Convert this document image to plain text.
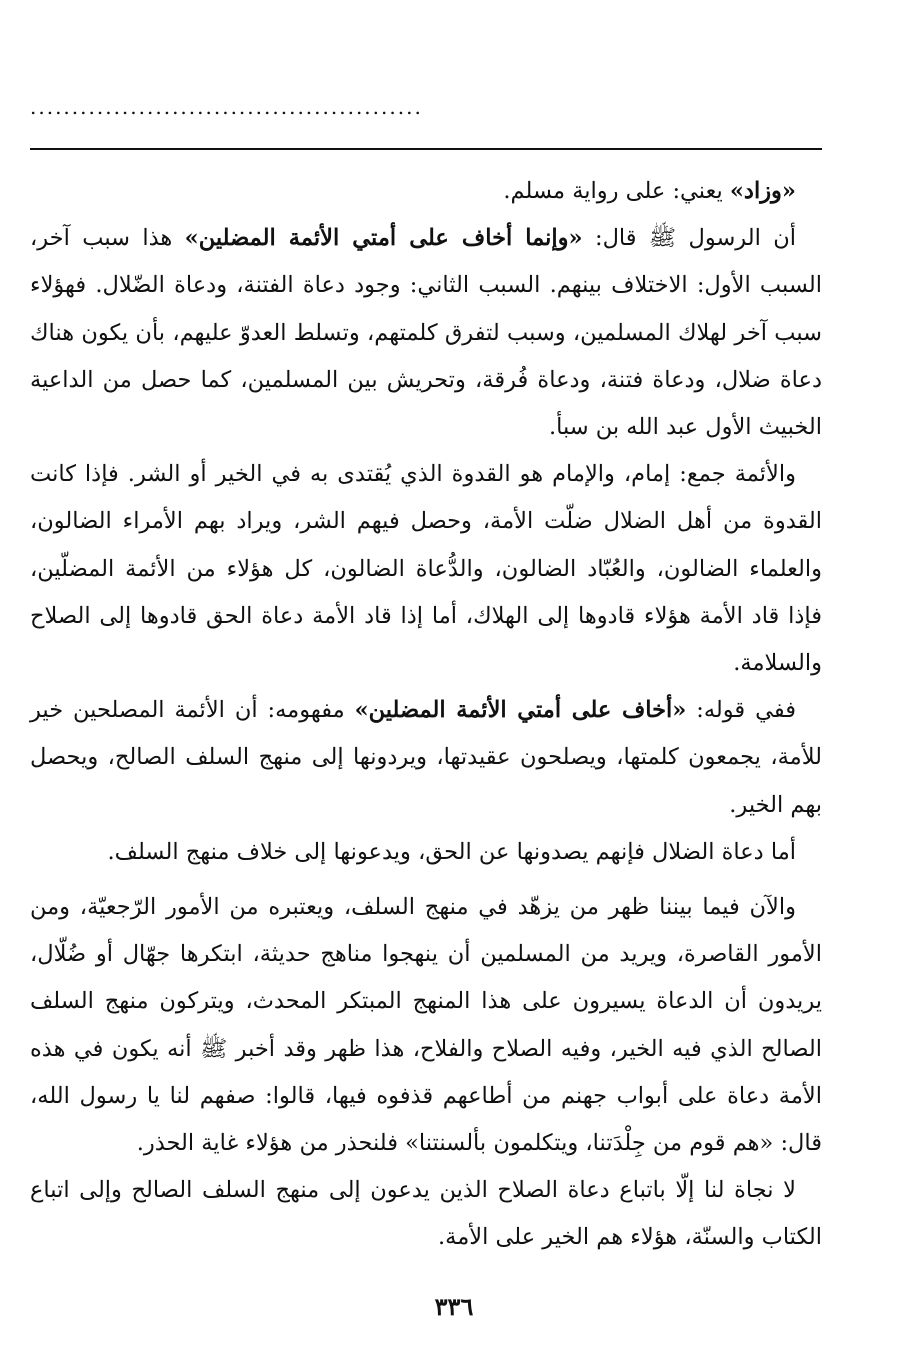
...............................................

«وزاد» يعني: على رواية مسلم.

أن الرسول ﷺ قال: «وإنما أخاف على أمتي الأئمة المضلين» هذا سبب آخر، السبب الأول: الاختلاف بينهم. السبب الثاني: وجود دعاة الفتنة، ودعاة الضّلال. فهؤلاء سبب آخر لهلاك المسلمين، وسبب لتفرق كلمتهم، وتسلط العدوّ عليهم، بأن يكون هناك دعاة ضلال، ودعاة فتنة، ودعاة فُرقة، وتحريش بين المسلمين، كما حصل من الداعية الخبيث الأول عبد الله بن سبأ.

والأئمة جمع: إمام، والإمام هو القدوة الذي يُقتدى به في الخير أو الشر. فإذا كانت القدوة من أهل الضلال ضلّت الأمة، وحصل فيهم الشر، ويراد بهم الأمراء الضالون، والعلماء الضالون، والعُبّاد الضالون، والدُّعاة الضالون، كل هؤلاء من الأئمة المضلّين، فإذا قاد الأمة هؤلاء قادوها إلى الهلاك، أما إذا قاد الأمة دعاة الحق قادوها إلى الصلاح والسلامة.

ففي قوله: «أخاف على أمتي الأئمة المضلين» مفهومه: أن الأئمة المصلحين خير للأمة، يجمعون كلمتها، ويصلحون عقيدتها، ويردونها إلى منهج السلف الصالح، ويحصل بهم الخير.

أما دعاة الضلال فإنهم يصدونها عن الحق، ويدعونها إلى خلاف منهج السلف.

والآن فيما بيننا ظهر من يزهّد في منهج السلف، ويعتبره من الأمور الرّجعيّة، ومن الأمور القاصرة، ويريد من المسلمين أن ينهجوا مناهج حديثة، ابتكرها جهّال أو ضُلّال، يريدون أن الدعاة يسيرون على هذا المنهج المبتكر المحدث، ويتركون منهج السلف الصالح الذي فيه الخير، وفيه الصلاح والفلاح، هذا ظهر وقد أخبر ﷺ أنه يكون في هذه الأمة دعاة على أبواب جهنم من أطاعهم قذفوه فيها، قالوا: صفهم لنا يا رسول الله، قال: «هم قوم من جِلْدَتنا، ويتكلمون بألسنتنا» فلنحذر من هؤلاء غاية الحذر.

لا نجاة لنا إلّا باتباع دعاة الصلاح الذين يدعون إلى منهج السلف الصالح وإلى اتباع الكتاب والسنّة، هؤلاء هم الخير على الأمة.

٣٣٦
